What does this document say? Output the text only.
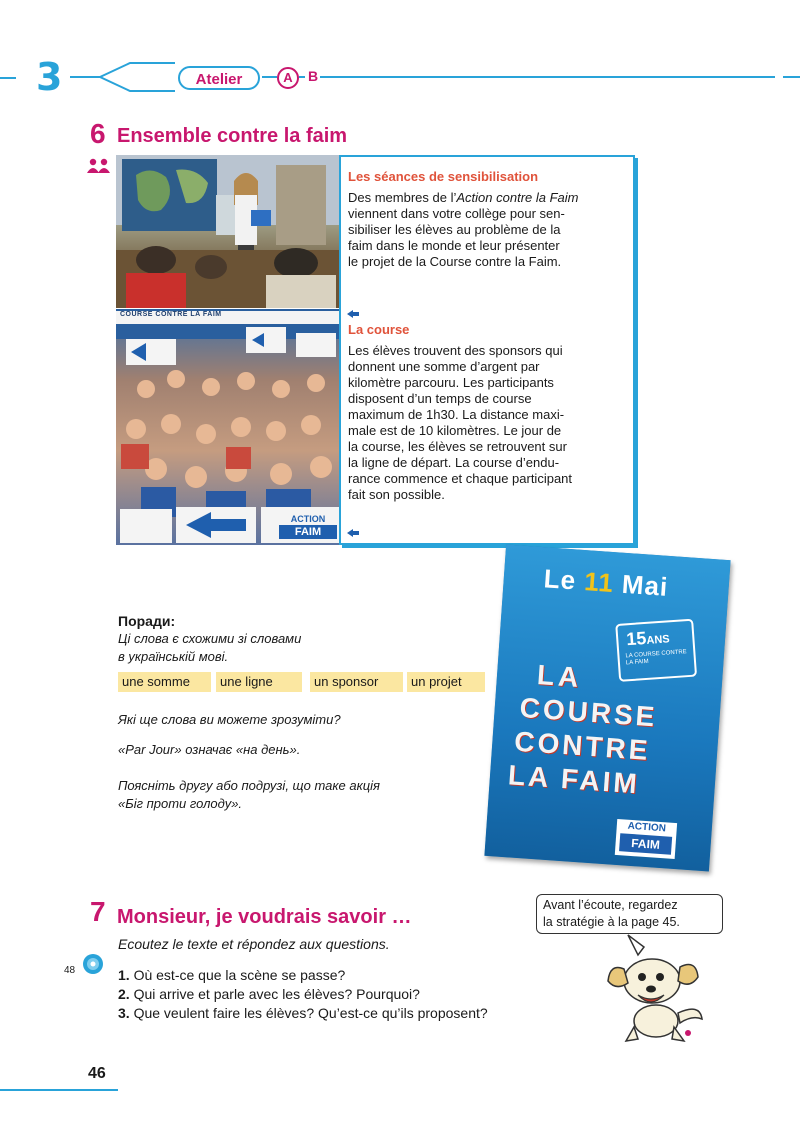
3	Atelier	A	B
6 Ensemble contre la faim
COURSE CONTRE LA FAIM
ACTION
FAIM
Les séances de sensibilisation
Des membres de l’Action contre la Faim
viennent dans votre collège pour sen-
sibiliser les élèves au problème de la
faim dans le monde et leur présenter
le projet de la Course contre la Faim.
La course
Les élèves trouvent des sponsors qui
donnent une somme d’argent par
kilomètre parcouru. Les participants
disposent d’un temps de course
maximum de 1h30. La distance maxi-
male est de 10 kilomètres. Le jour de
la course, les élèves se retrouvent sur
la ligne de départ. La course d’endu-
rance commence et chaque participant
fait son possible.
Поради:
Ці слова є схожими зі словами
в українській мові.
une somme	une ligne	un sponsor	un projet
Які ще слова ви можете зрозуміти?
«Par Jour» означає «на день».
Поясніть другу або подрузі, що таке акція
«Біг проти голоду».
Le 11 Mai
15ANS
LA COURSE CONTRE LA FAIM
LA
COURSE
CONTRE
LA FAIM
ACTION
FAIM
7 Monsieur, je voudrais savoir …
Ecoutez le texte et répondez aux questions.
48	1. Où est-ce que la scène se passe?
2. Qui arrive et parle avec les élèves? Pourquoi?
3. Que veulent faire les élèves? Qu’est-ce qu’ils proposent?
Avant l’écoute, regardez
la stratégie à la page 45.
46
